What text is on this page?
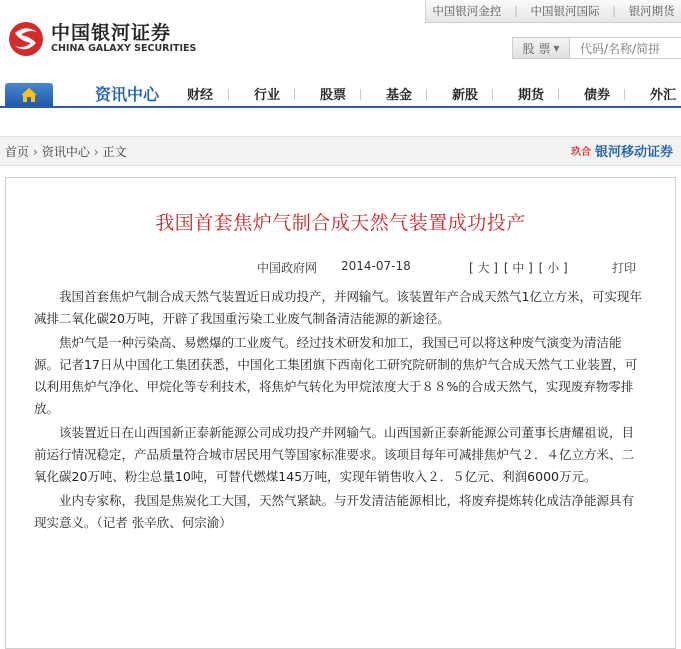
中国银河金控 | 中国银河国际 | 银河期货
中国银河证券
CHINA GALAXY SECURITIES	股 票 ▼	代码/名称/简拼
资讯中心 财经	行业	股票	基金	新股	期货	债券	外汇
首页 › 资讯中心 › 正文	玖合 银河移动证券
我国首套焦炉气制合成天然气装置成功投产
中国政府网 2014-07-18	[ 大 ] [ 中 ] [ 小 ]	打印

我国首套焦炉气制合成天然气装置近日成功投产，并网输气。该装置年产合成天然气1亿立方米，可实现年减排二氧化碳20万吨，开辟了我国重污染工业废气制备清洁能源的新途径。

焦炉气是一种污染高、易燃爆的工业废气。经过技术研发和加工，我国已可以将这种废气演变为清洁能源。记者17日从中国化工集团获悉，中国化工集团旗下西南化工研究院研制的焦炉气合成天然气工业装置，可以利用焦炉气净化、甲烷化等专利技术，将焦炉气转化为甲烷浓度大于８８%的合成天然气，实现废弃物零排放。

该装置近日在山西国新正泰新能源公司成功投产并网输气。山西国新正泰新能源公司董事长唐耀祖说，目前运行情况稳定，产品质量符合城市居民用气等国家标准要求。该项目每年可减排焦炉气２．４亿立方米、二氧化碳20万吨、粉尘总量10吨，可替代燃煤145万吨，实现年销售收入２．５亿元、利润6000万元。

业内专家称，我国是焦炭化工大国，天然气紧缺。与开发清洁能源相比，将废弃提炼转化成洁净能源具有现实意义。（记者 张辛欣、何宗渝）
